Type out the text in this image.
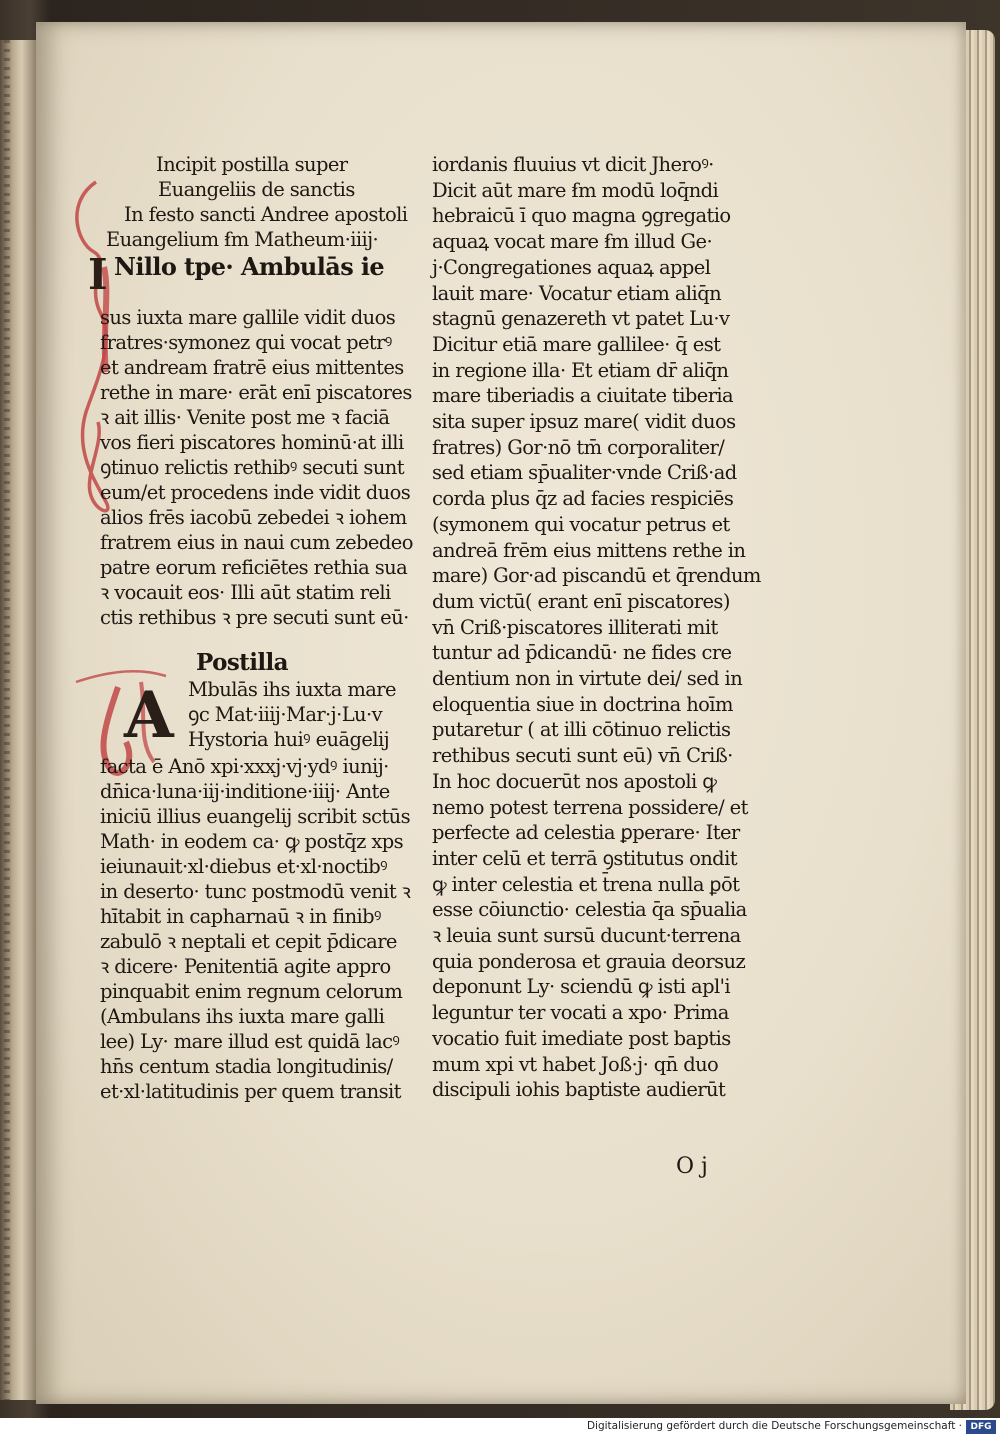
I
A
Incipit postilla super
Euangeliis de sanctis
In festo sancti Andree apostoli
Euangelium ẜm Matheum·iiij·
Nillo tpe· Ambulās ie
sus iuxta mare gallile vidit duos
fratres·symonez qui vocat petrꝰ
et andream fratrē eius mittentes
rethe in mare· erāt enī piscatores
ꝛ ait illis· Venite post me ꝛ faciā
vos fieri piscatores hominū·at illi
ꝯtinuo relictis rethibꝰ secuti sunt
eum/et procedens inde vidit duos
alios frēs iacobū zebedei ꝛ iohem
fratrem eius in naui cum zebedeo
patre eorum reficiētes rethia sua
ꝛ vocauit eos· Illi aūt statim reli
ctis rethibus ꝛ pre secuti sunt eū·
Postilla
Mbulās ihs iuxta mare
ꝯc Mat·iiij·Mar·j·Lu·v
Hystoria huiꝰ euāgelij
facta ē Anō xpi·xxxj·vj·ydꝰ iunij·
dn̄ica·luna·iij·inditione·iiij· Ante
iniciū illius euangelij scribit sctūs
Math· in eodem ca· ꝙ postq̄z xps
ieiunauit·xl·diebus et·xl·noctibꝰ
in deserto· tunc postmodū venit ꝛ
hītabit in capharnaū ꝛ in finibꝰ
zabulō ꝛ neptali et cepit p̄dicare
ꝛ dicere· Penitentiā agite appro
pinquabit enim regnum celorum
(Ambulans ihs iuxta mare galli
lee) Ly· mare illud est quidā lacꝰ
hn̄s centum stadia longitudinis/
et·xl·latitudinis per quem transit
iordanis fluuius vt dicit Jheroꝰ·
Dicit aūt mare ẜm modū loq̄ndi
hebraicū ī quo magna ꝯgregatio
aquaꝝ vocat mare ẜm illud Ge·
j·Congregationes aquaꝝ appel
lauit mare· Vocatur etiam aliq̄n
stagnū genazereth vt patet Lu·v
Dicitur etiā mare gallilee· q̄ est
in regione illa· Et etiam dr̄ aliq̄n
mare tiberiadis a ciuitate tiberia
sita super ipsuz mare( vidit duos
fratres) Gor·nō tm̄ corporaliter/
sed etiam sp̄ualiter·vnde Criß·ad
corda plus q̄z ad facies respiciēs
(symonem qui vocatur petrus et
andreā frēm eius mittens rethe in
mare) Gor·ad piscandū et q̄rendum
dum victū( erant enī piscatores)
vn̄ Criß·piscatores illiterati mit
tuntur ad p̄dicandū· ne fides cre
dentium non in virtute dei/ sed in
eloquentia siue in doctrina hoīm
putaretur ( at illi cōtinuo relictis
rethibus secuti sunt eū) vn̄ Criß·
In hoc docuerūt nos apostoli ꝙ
nemo potest terrena possidere/ et
perfecte ad celestia ꝑperare· Iter
inter celū et terrā ꝯstitutus ondit
ꝙ inter celestia et t̄rena nulla ꝑōt
esse cōiunctio· celestia q̄a sp̄ualia
ꝛ leuia sunt sursū ducunt·terrena
quia ponderosa et grauia deorsuz
deponunt Ly· sciendū ꝙ isti apl'i
leguntur ter vocati a xpo· Prima
vocatio fuit imediate post baptis
mum xpi vt habet Joß·j· qn̄ duo
discipuli iohis baptiste audierūt
O j
Digitalisierung gefördert durch die Deutsche Forschungsgemeinschaft · DFG
